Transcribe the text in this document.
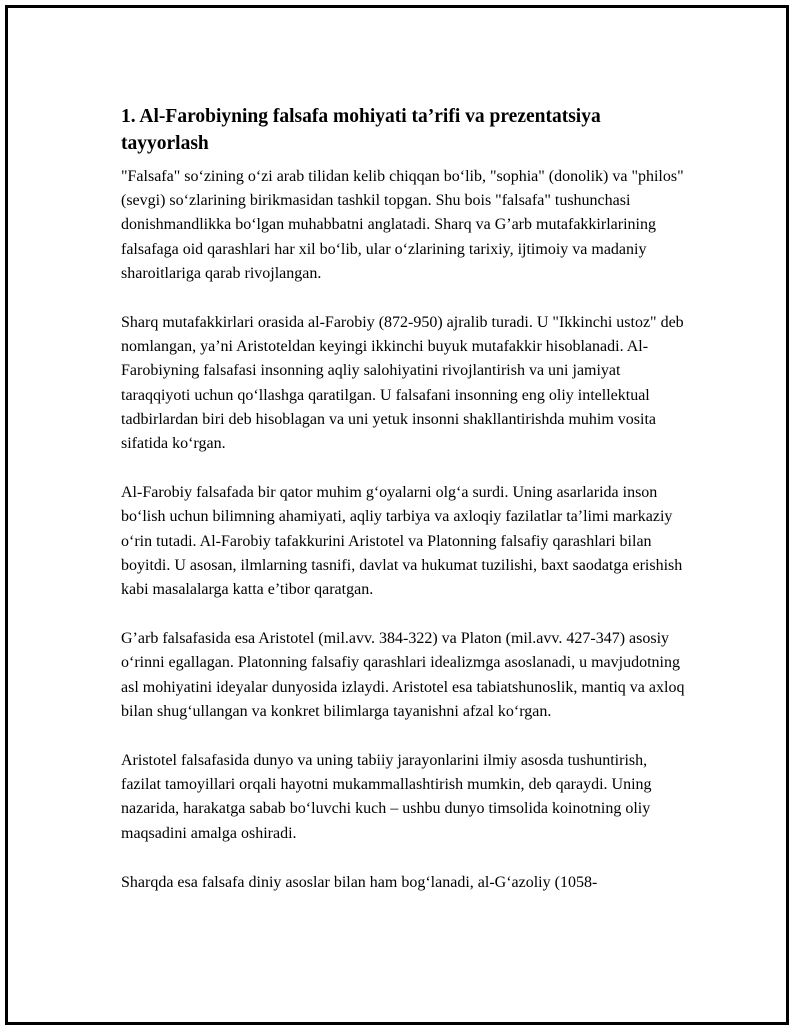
1. Al-Farobiyning falsafa mohiyati ta’rifi va prezentatsiya tayyorlash

"Falsafa" so‘zining o‘zi arab tilidan kelib chiqqan bo‘lib, "sophia" (donolik) va "philos" (sevgi) so‘zlarining birikmasidan tashkil topgan. Shu bois "falsafa" tushunchasi donishmandlikka bo‘lgan muhabbatni anglatadi. Sharq va G’arb mutafakkirlarining falsafaga oid qarashlari har xil bo‘lib, ular o‘zlarining tarixiy, ijtimoiy va madaniy sharoitlariga qarab rivojlangan.

Sharq mutafakkirlari orasida al-Farobiy (872-950) ajralib turadi. U "Ikkinchi ustoz" deb nomlangan, ya’ni Aristoteldan keyingi ikkinchi buyuk mutafakkir hisoblanadi. Al-Farobiyning falsafasi insonning aqliy salohiyatini rivojlantirish va uni jamiyat taraqqiyoti uchun qo‘llashga qaratilgan. U falsafani insonning eng oliy intellektual tadbirlardan biri deb hisoblagan va uni yetuk insonni shakllantirishda muhim vosita sifatida ko‘rgan.

Al-Farobiy falsafada bir qator muhim g‘oyalarni olg‘a surdi. Uning asarlarida inson bo‘lish uchun bilimning ahamiyati, aqliy tarbiya va axloqiy fazilatlar ta’limi markaziy o‘rin tutadi. Al-Farobiy tafakkurini Aristotel va Platonning falsafiy qarashlari bilan boyitdi. U asosan, ilmlarning tasnifi, davlat va hukumat tuzilishi, baxt saodatga erishish kabi masalalarga katta e’tibor qaratgan.

G’arb falsafasida esa Aristotel (mil.avv. 384-322) va Platon (mil.avv. 427-347) asosiy o‘rinni egallagan. Platonning falsafiy qarashlari idealizmga asoslanadi, u mavjudotning asl mohiyatini ideyalar dunyosida izlaydi. Aristotel esa tabiatshunoslik, mantiq va axloq bilan shug‘ullangan va konkret bilimlarga tayanishni afzal ko‘rgan.

Aristotel falsafasida dunyo va uning tabiiy jarayonlarini ilmiy asosda tushuntirish, fazilat tamoyillari orqali hayotni mukammallashtirish mumkin, deb qaraydi. Uning nazarida, harakatga sabab bo‘luvchi kuch – ushbu dunyo timsolida koinotning oliy maqsadini amalga oshiradi.

Sharqda esa falsafa diniy asoslar bilan ham bog‘lanadi, al-G‘azoliy (1058-
